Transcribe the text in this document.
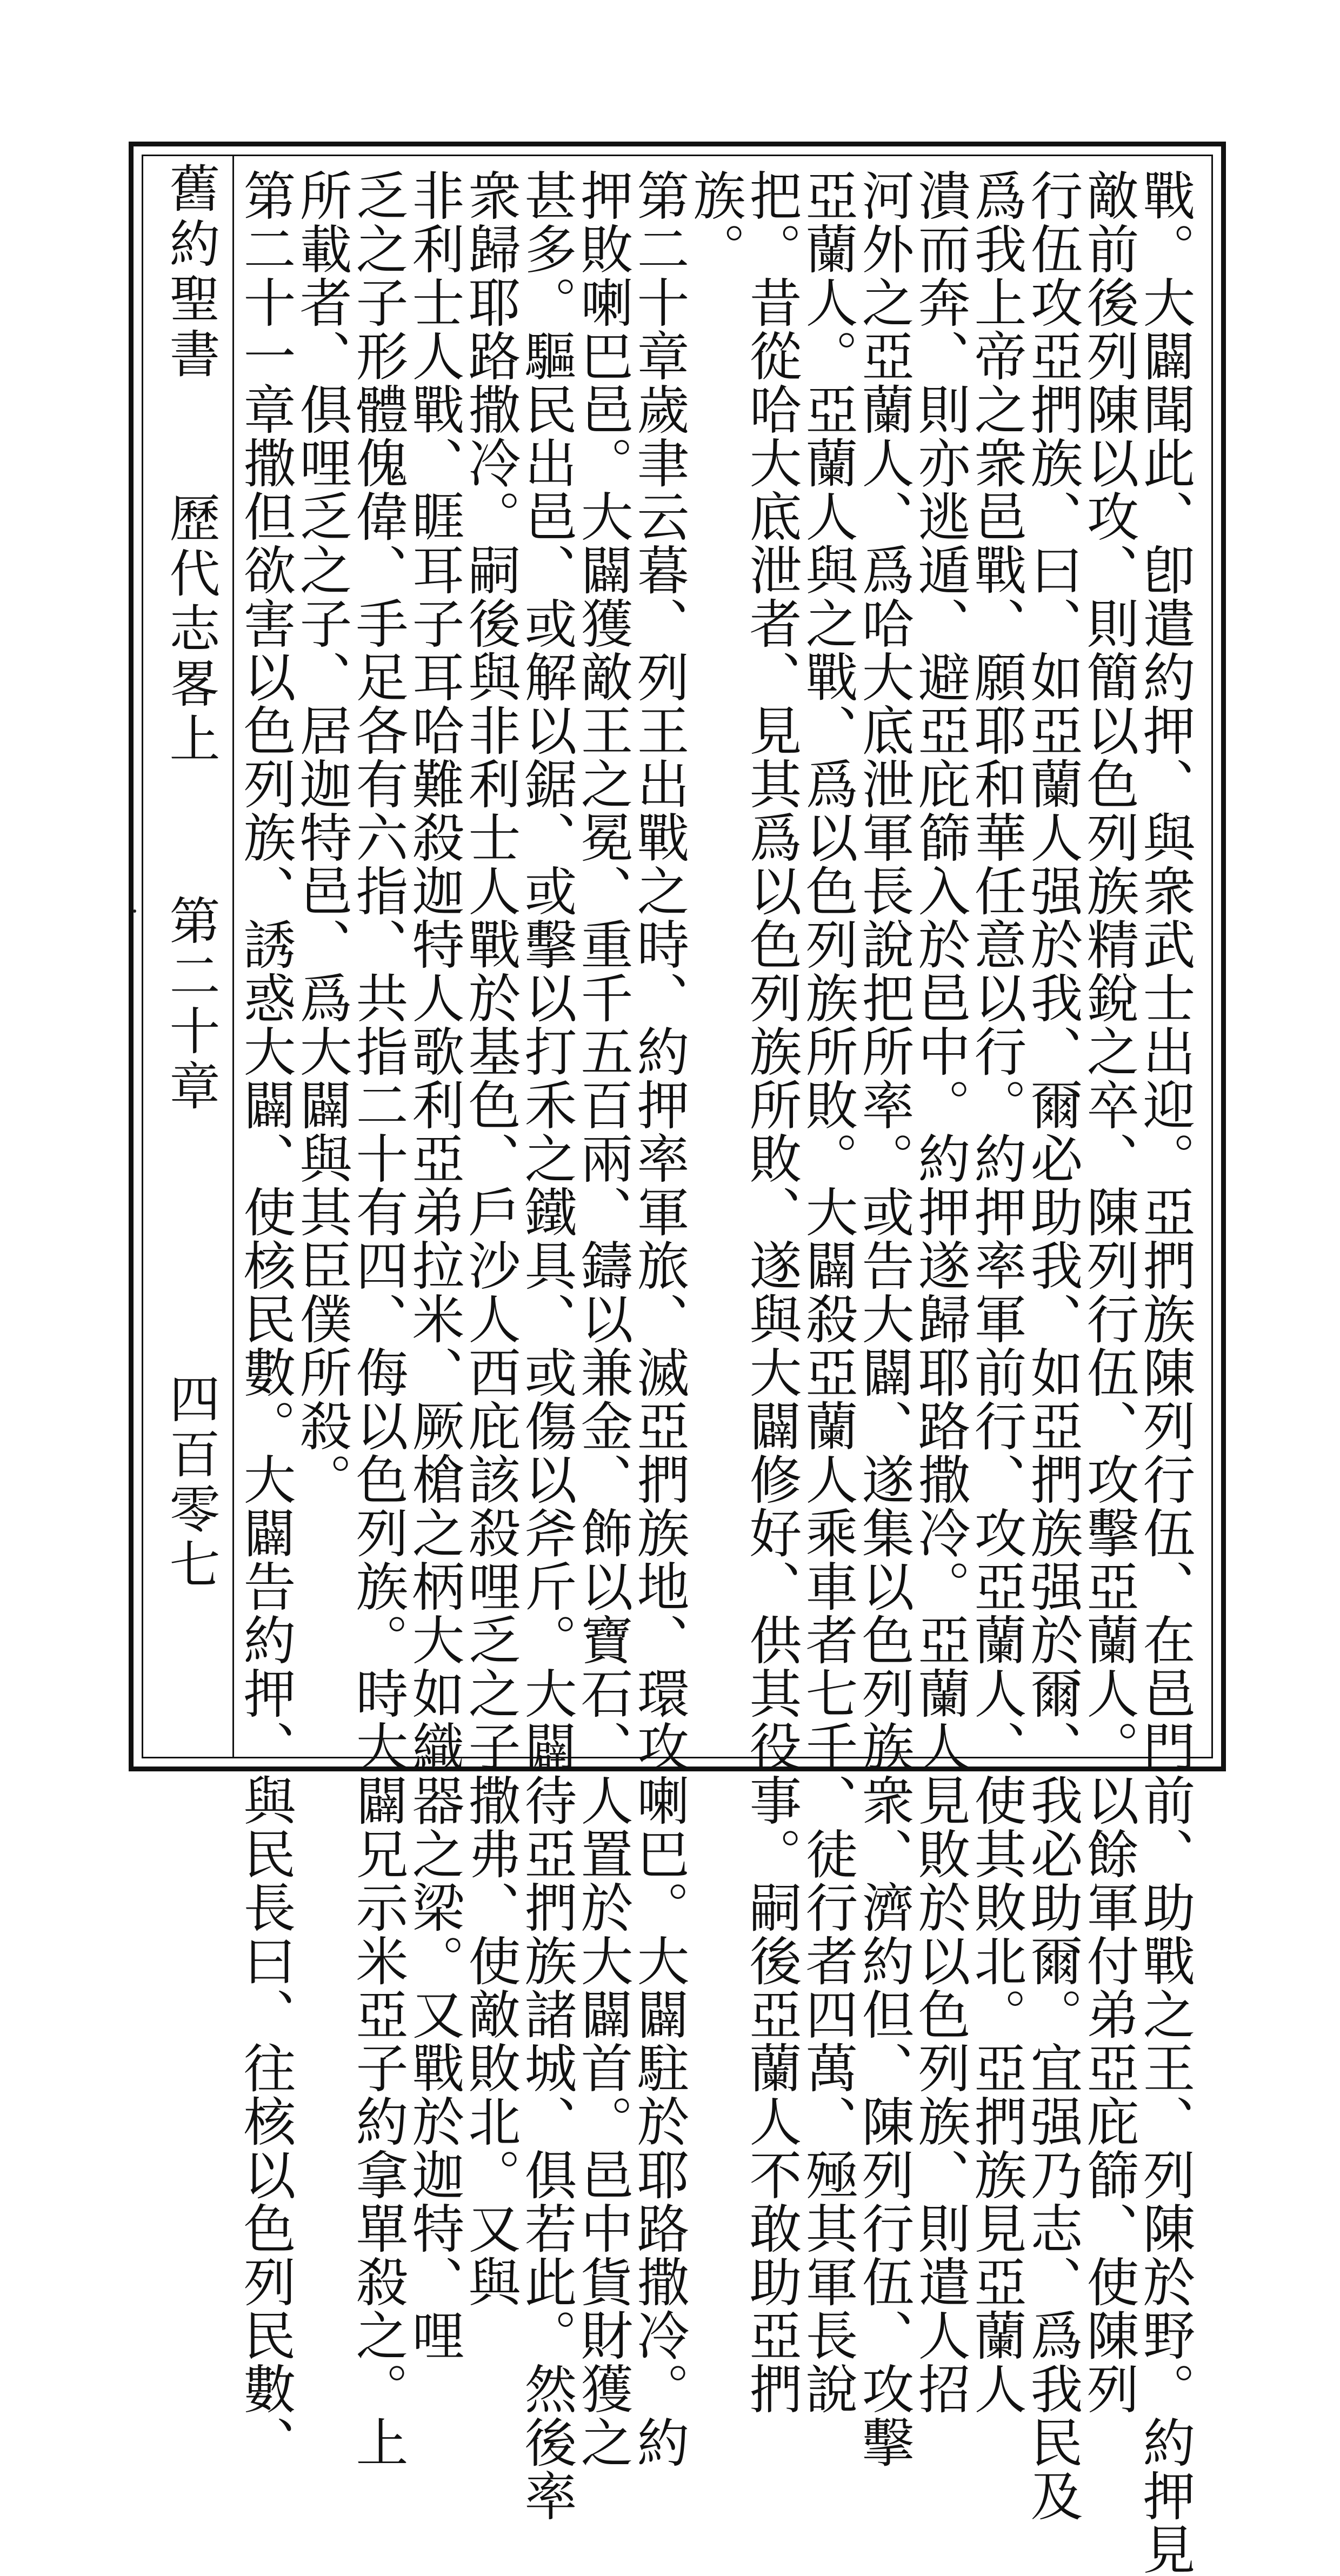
舊約聖書
歷代志畧上
第二十章
四百零七	戰。大闢聞此、卽遣約押、與衆武士出迎。亞捫族陳列行伍、在邑門前、助戰之王、列陳於野。約押見
敵前後列陳以攻、則簡以色列族精銳之卒、陳列行伍、攻擊亞蘭人。以餘軍付弟亞庇篩、使陳列
行伍攻亞捫族、曰、如亞蘭人强於我、爾必助我、如亞捫族强於爾、我必助爾。宜强乃志、爲我民及
爲我上帝之衆邑戰、願耶和華任意以行。約押率軍前行、攻亞蘭人、使其敗北。亞捫族見亞蘭人
潰而奔、則亦逃遁、避亞庇篩入於邑中。約押遂歸耶路撒冷。亞蘭人見敗於以色列族、則遣人招
河外之亞蘭人、爲哈大底泄軍長說把所率。或告大闢、遂集以色列族衆、濟約但、陳列行伍、攻擊
亞蘭人。亞蘭人與之戰、爲以色列族所敗。大闢殺亞蘭人乘車者七千、徒行者四萬、殛其軍長說
把。昔從哈大底泄者、見其爲以色列族所敗、遂與大闢修好、供其役事。嗣後亞蘭人不敢助亞捫
族。
第二十章歲聿云暮、列王出戰之時、約押率軍旅、滅亞捫族地、環攻喇巴。大闢駐於耶路撒冷。約
押敗喇巴邑。大闢獲敵王之冕、重千五百兩、鑄以兼金、飾以寶石、人置於大闢首。邑中貨財獲之
甚多。驅民出邑、或解以鋸、或擊以打禾之鐵具、或傷以斧斤。大闢待亞捫族諸城、俱若此。然後率
衆歸耶路撒冷。嗣後與非利士人戰於基色、戶沙人西庇該殺哩乏之子撒弗、使敵敗北。又與
非利士人戰、睚耳子耳哈難殺迦特人歌利亞弟拉米、厥槍之柄大如織器之梁。又戰於迦特、哩
乏之子形體傀偉、手足各有六指、共指二十有四、侮以色列族。時大闢兄示米亞子約拿單殺之。上
所載者、俱哩乏之子、居迦特邑、爲大闢與其臣僕所殺。
第二十一章撒但欲害以色列族、誘惑大闢、使核民數。大闢告約押、與民長曰、往核以色列民數、
